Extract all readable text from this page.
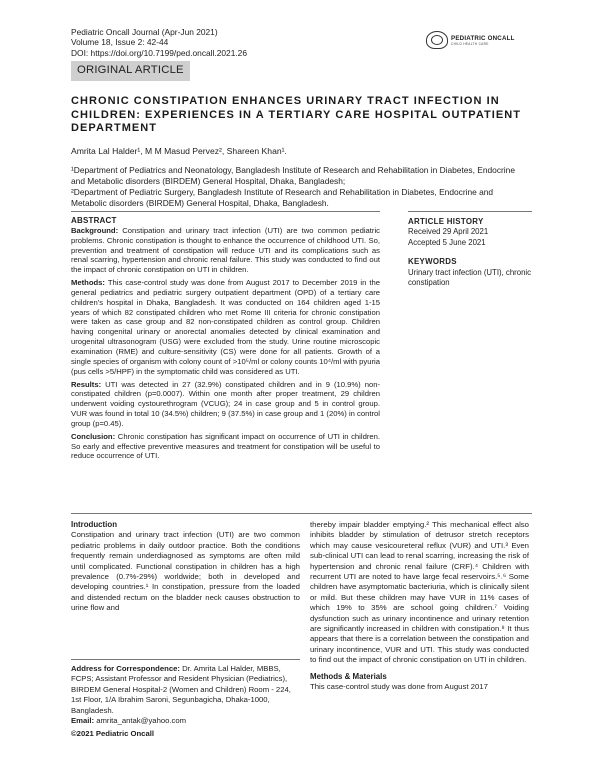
Pediatric Oncall Journal (Apr-Jun 2021)
Volume 18, Issue 2: 42-44
DOI: https://doi.org/10.7199/ped.oncall.2021.26
PEDIATRIC ONCALL
CHILD HEALTH CARE
ORIGINAL ARTICLE
CHRONIC CONSTIPATION ENHANCES URINARY TRACT INFECTION IN CHILDREN: EXPERIENCES IN A TERTIARY CARE HOSPITAL OUTPATIENT DEPARTMENT
Amrita Lal Halder¹, M M Masud Pervez², Shareen Khan¹.
¹Department of Pediatrics and Neonatology, Bangladesh Institute of Research and Rehabilitation in Diabetes, Endocrine and Metabolic disorders (BIRDEM) General Hospital, Dhaka, Bangladesh;
²Department of Pediatric Surgery, Bangladesh Institute of Research and Rehabilitation in Diabetes, Endocrine and Metabolic disorders (BIRDEM) General Hospital, Dhaka, Bangladesh.
ABSTRACT

Background: Constipation and urinary tract infection (UTI) are two common pediatric problems. Chronic constipation is thought to enhance the occurrence of childhood UTI. So, prevention and treatment of constipation will reduce UTI and its complications such as renal scarring, hypertension and chronic renal failure. This study was conducted to find out the impact of chronic constipation on UTI in children.

Methods: This case-control study was done from August 2017 to December 2019 in the general pediatrics and pediatric surgery outpatient department (OPD) of a tertiary care children's hospital in Dhaka, Bangladesh. It was conducted on 164 children aged 1-15 years of which 82 constipated children who met Rome III criteria for chronic constipation were taken as case group and 82 non-constipated children as control group. Children having congenital urinary or anorectal anomalies detected by clinical examination and urogenital ultrasonogram (USG) were excluded from the study. Urine routine microscopic examination (RME) and culture-sensitivity (CS) were done for all patients. Growth of a single species of organism with colony count of >10⁵/ml or colony counts 10⁴/ml with pyuria (pus cells >5/HPF) in the symptomatic child was considered as UTI.

Results: UTI was detected in 27 (32.9%) constipated children and in 9 (10.9%) non-constipated children (p=0.0007). Within one month after proper treatment, 29 children underwent voiding cystourethrogram (VCUG); 24 in case group and 5 in control group. VUR was found in total 10 (34.5%) children; 9 (37.5%) in case group and 1 (20%) in control group (p=0.45).

Conclusion: Chronic constipation has significant impact on occurrence of UTI in children. So early and effective preventive measures and treatment for constipation will be useful to reduce occurrence of UTI.

ARTICLE HISTORY
Received 29 April 2021
Accepted 5 June 2021
KEYWORDS
Urinary tract infection (UTI), chronic constipation
Introduction
Constipation and urinary tract infection (UTI) are two common pediatric problems in daily outdoor practice. Both the conditions frequently remain underdiagnosed as symptoms are often mild until complicated. Functional constipation in children has a high prevalence (0.7%-29%) worldwide; both in developed and developing countries.¹ In constipation, pressure from the loaded and distended rectum on the bladder neck causes obstruction to urine flow and
Address for Correspondence: Dr. Amrita Lal Halder, MBBS, FCPS; Assistant Professor and Resident Physician (Pediatrics), BIRDEM General Hospital-2 (Women and Children) Room - 224, 1st Floor, 1/A Ibrahim Saroni, Segunbagicha, Dhaka-1000, Bangladesh.
Email: amrita_antak@yahoo.com
©2021 Pediatric Oncall
thereby impair bladder emptying.² This mechanical effect also inhibits bladder by stimulation of detrusor stretch receptors which may cause vesicoureteral reflux (VUR) and UTI.³ Even sub-clinical UTI can lead to renal scarring, increasing the risk of hypertension and chronic renal failure (CRF).⁴ Children with recurrent UTI are noted to have large fecal reservoirs.⁵˒⁶ Some children have asymptomatic bacteriuria, which is clinically silent or mild. But these children may have VUR in 11% cases of which 19% to 35% are school going children.⁷ Voiding dysfunction such as urinary incontinence and urinary retention are significantly increased in children with constipation.⁸ It thus appears that there is a correlation between the constipation and urinary incontinence, VUR and UTI. This study was conducted to find out the impact of chronic constipation on UTI in children.
Methods & Materials
This case-control study was done from August 2017
